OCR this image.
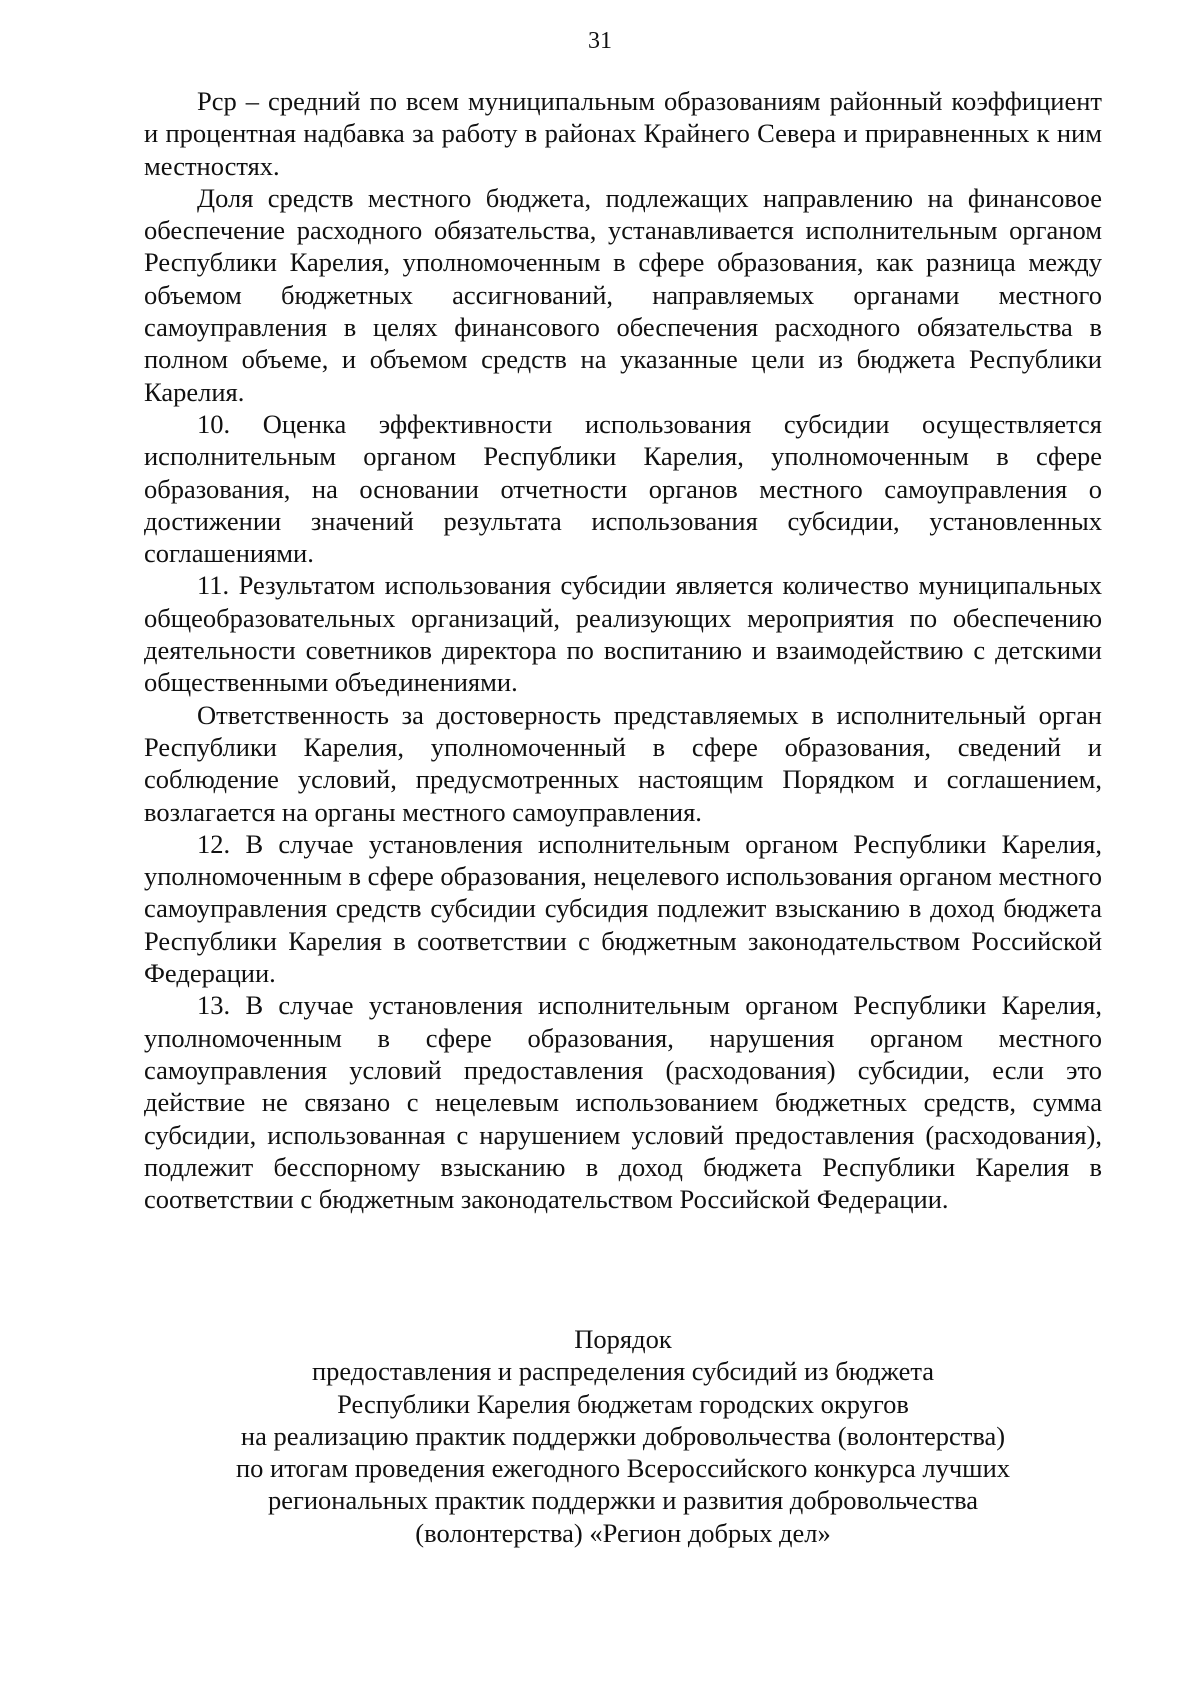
31

Рср – средний по всем муниципальным образованиям районный коэффициент и процентная надбавка за работу в районах Крайнего Севера и приравненных к ним местностях.

Доля средств местного бюджета, подлежащих направлению на финансовое обеспечение расходного обязательства, устанавливается исполнительным органом Республики Карелия, уполномоченным в сфере образования, как разница между объемом бюджетных ассигнований, направляемых органами местного самоуправления в целях финансового обеспечения расходного обязательства в полном объеме, и объемом средств на указанные цели из бюджета Республики Карелия.

10. Оценка эффективности использования субсидии осуществляется исполнительным органом Республики Карелия, уполномоченным в сфере образования, на основании отчетности органов местного самоуправления о достижении значений результата использования субсидии, установленных соглашениями.

11. Результатом использования субсидии является количество муниципальных общеобразовательных организаций, реализующих мероприятия по обеспечению деятельности советников директора по воспитанию и взаимодействию с детскими общественными объединениями.

Ответственность за достоверность представляемых в исполнительный орган Республики Карелия, уполномоченный в сфере образования, сведений и соблюдение условий, предусмотренных настоящим Порядком и соглашением, возлагается на органы местного самоуправления.

12. В случае установления исполнительным органом Республики Карелия, уполномоченным в сфере образования, нецелевого использования органом местного самоуправления средств субсидии субсидия подлежит взысканию в доход бюджета Республики Карелия в соответствии с бюджетным законодательством Российской Федерации.

13. В случае установления исполнительным органом Республики Карелия, уполномоченным в сфере образования, нарушения органом местного самоуправления условий предоставления (расходования) субсидии, если это действие не связано с нецелевым использованием бюджетных средств, сумма субсидии, использованная с нарушением условий предоставления (расходования), подлежит бесспорному взысканию в доход бюджета Республики Карелия в соответствии с бюджетным законодательством Российской Федерации.

Порядок
предоставления и распределения субсидий из бюджета
Республики Карелия бюджетам городских округов
на реализацию практик поддержки добровольчества (волонтерства)
по итогам проведения ежегодного Всероссийского конкурса лучших
региональных практик поддержки и развития добровольчества
(волонтерства) «Регион добрых дел»
